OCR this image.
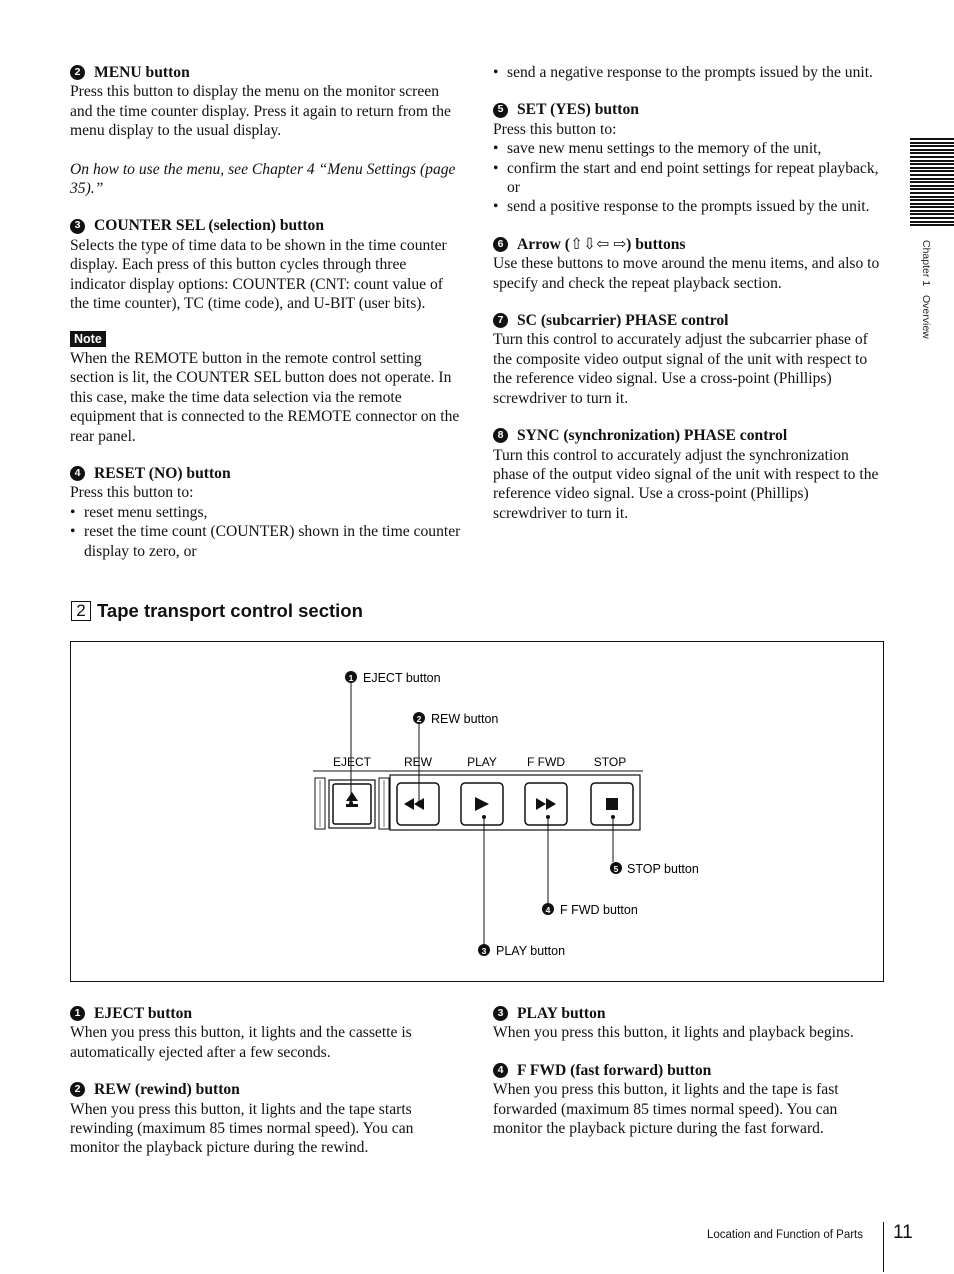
2 MENU button

Press this button to display the menu on the monitor screen and the time counter display. Press it again to return from the menu display to the usual display.

On how to use the menu, see Chapter 4 “Menu Settings (page 35).”

3 COUNTER SEL (selection) button

Selects the type of time data to be shown in the time counter display. Each press of this button cycles through three indicator display options: COUNTER (CNT: count value of the time counter), TC (time code), and U-BIT (user bits).

Note

When the REMOTE button in the remote control setting section is lit, the COUNTER SEL button does not operate. In this case, make the time data selection via the remote equipment that is connected to the REMOTE connector on the rear panel.

4 RESET (NO) button

Press this button to:

• reset menu settings,
• reset the time count (COUNTER) shown in the time counter display to zero, or
• send a negative response to the prompts issued by the unit.
5 SET (YES) button

Press this button to:

• save new menu settings to the memory of the unit,
• confirm the start and end point settings for repeat playback, or
• send a positive response to the prompts issued by the unit.
6 Arrow (⇧⇩⇦ ⇨) buttons

Use these buttons to move around the menu items, and also to specify and check the repeat playback section.

7 SC (subcarrier) PHASE control

Turn this control to accurately adjust the subcarrier phase of the composite video output signal of the unit with respect to the reference video signal. Use a cross-point (Phillips) screwdriver to turn it.

8 SYNC (synchronization) PHASE control

Turn this control to accurately adjust the synchronization phase of the output video signal of the unit with respect to the reference video signal. Use a cross-point (Phillips) screwdriver to turn it.

2 Tape transport control section
EJECT	REW	PLAY	F FWD STOP
1 EJECT button
2 REW button
3 PLAY button
4 F FWD button
5 STOP button
1 EJECT button

When you press this button, it lights and the cassette is automatically ejected after a few seconds.

2 REW (rewind) button

When you press this button, it lights and the tape starts rewinding (maximum 85 times normal speed). You can monitor the playback picture during the rewind.

3 PLAY button

When you press this button, it lights and playback begins.

4 F FWD (fast forward) button

When you press this button, it lights and the tape is fast forwarded (maximum 85 times normal speed). You can monitor the playback picture during the fast forward.

Chapter 1 Overview
Location and Function of Parts 11
